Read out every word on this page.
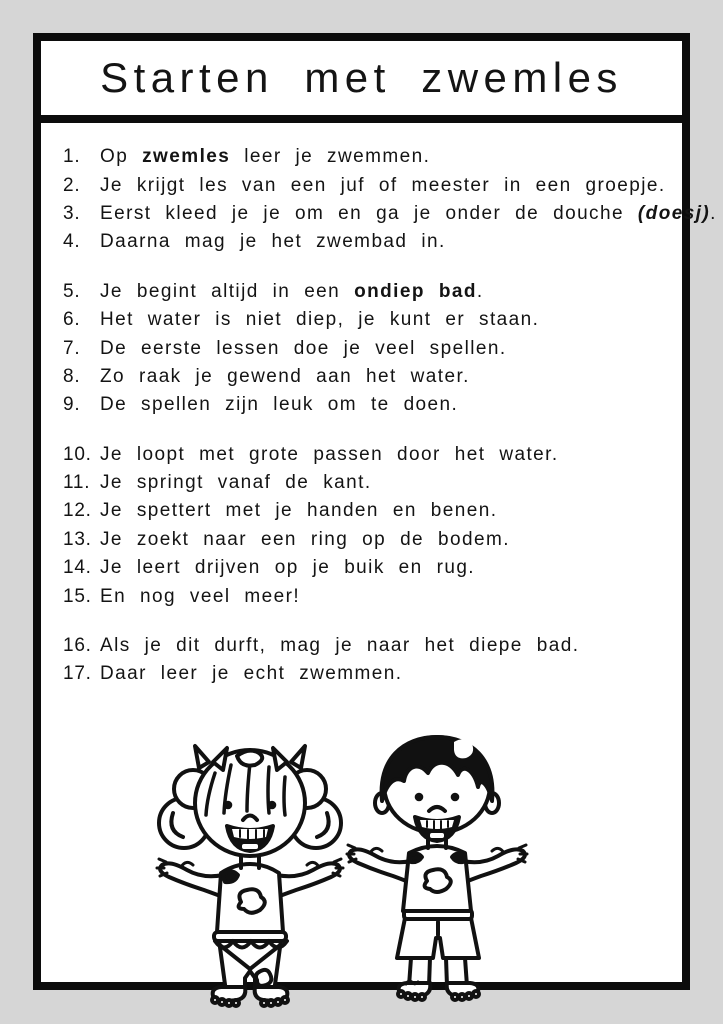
Starten met zwemles
1.	Op zwemles leer je zwemmen.
2.	Je krijgt les van een juf of meester in een groepje.
3.	Eerst kleed je je om en ga je onder de douche (doesj).
4.	Daarna mag je het zwembad in.
5.	Je begint altijd in een ondiep bad.
6.	Het water is niet diep, je kunt er staan.
7.	De eerste lessen doe je veel spellen.
8.	Zo raak je gewend aan het water.
9.	De spellen zijn leuk om te doen.
10. Je loopt met grote passen door het water.
11. Je springt vanaf de kant.
12. Je spettert met je handen en benen.
13. Je zoekt naar een ring op de bodem.
14. Je leert drijven op je buik en rug.
15. En nog veel meer!
16. Als je dit durft, mag je naar het diepe bad.
17. Daar leer je echt zwemmen.
